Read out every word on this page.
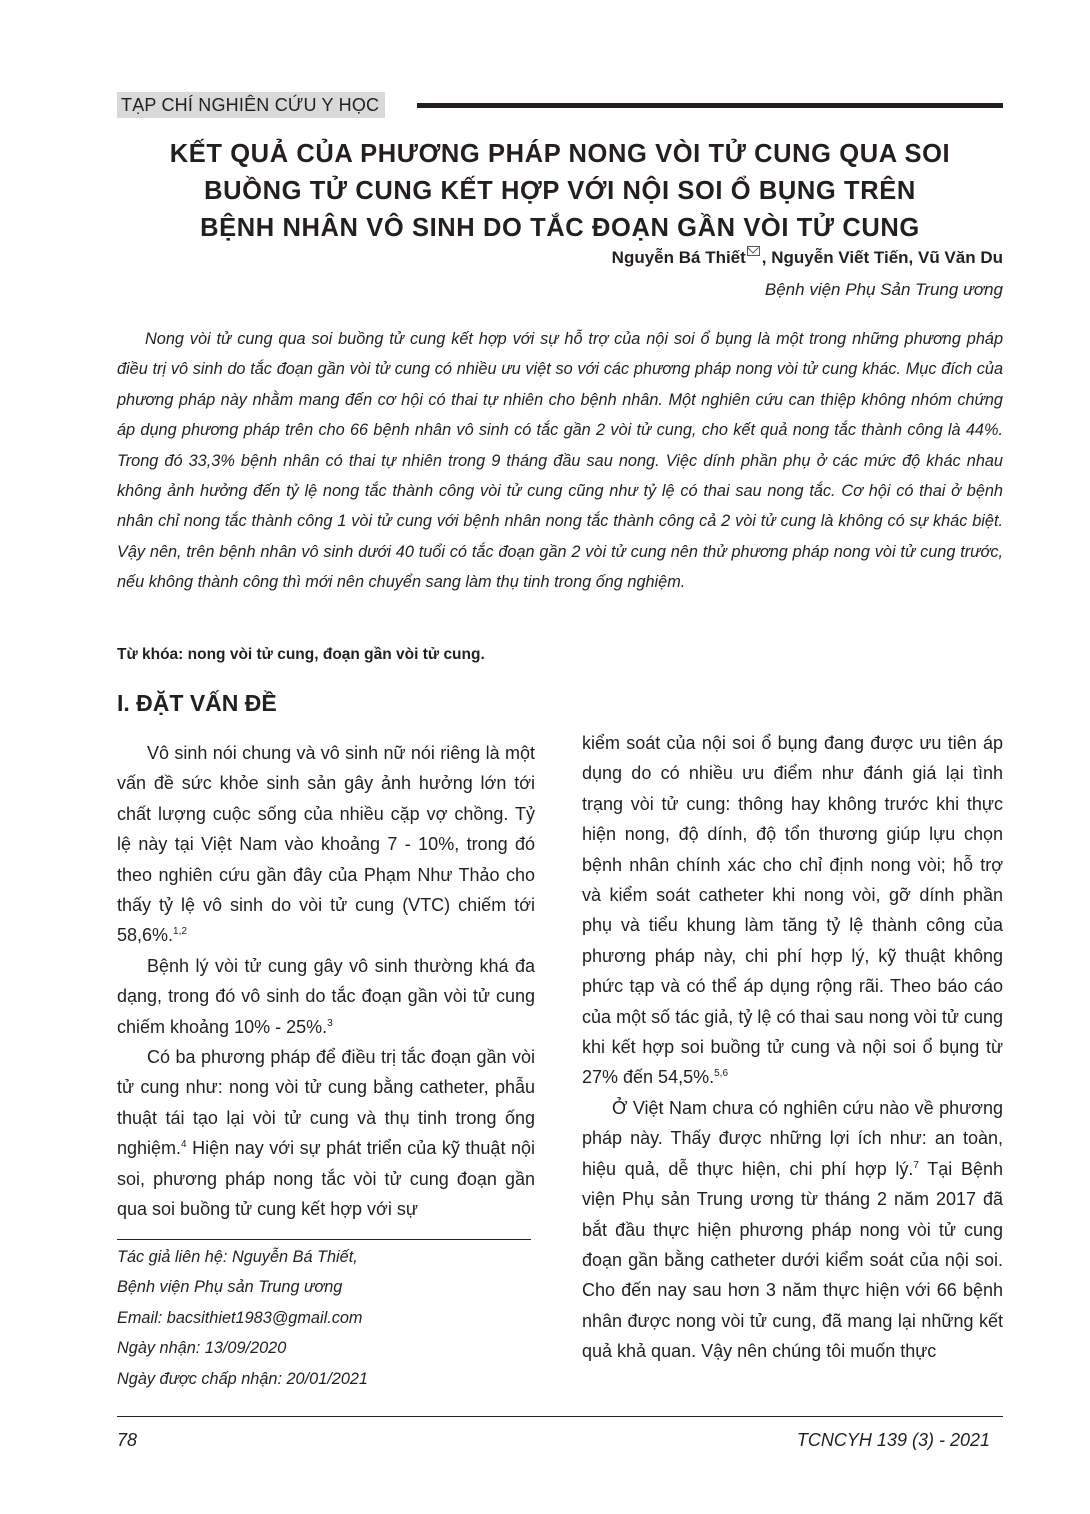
TẠP CHÍ NGHIÊN CỨU Y HỌC
KẾT QUẢ CỦA PHƯƠNG PHÁP NONG VÒI TỬ CUNG QUA SOI
BUỒNG TỬ CUNG KẾT HỢP VỚI NỘI SOI Ổ BỤNG TRÊN
BỆNH NHÂN VÔ SINH DO TẮC ĐOẠN GẦN VÒI TỬ CUNG
Nguyễn Bá Thiết , Nguyễn Viết Tiến, Vũ Văn Du
Bệnh viện Phụ Sản Trung ương

Nong vòi tử cung qua soi buồng tử cung kết hợp với sự hỗ trợ của nội soi ổ bụng là một trong những phương pháp điều trị vô sinh do tắc đoạn gần vòi tử cung có nhiều ưu việt so với các phương pháp nong vòi tử cung khác. Mục đích của phương pháp này nhằm mang đến cơ hội có thai tự nhiên cho bệnh nhân. Một nghiên cứu can thiệp không nhóm chứng áp dụng phương pháp trên cho 66 bệnh nhân vô sinh có tắc gần 2 vòi tử cung, cho kết quả nong tắc thành công là 44%. Trong đó 33,3% bệnh nhân có thai tự nhiên trong 9 tháng đầu sau nong. Việc dính phần phụ ở các mức độ khác nhau không ảnh hưởng đến tỷ lệ nong tắc thành công vòi tử cung cũng như tỷ lệ có thai sau nong tắc. Cơ hội có thai ở bệnh nhân chỉ nong tắc thành công 1 vòi tử cung với bệnh nhân nong tắc thành công cả 2 vòi tử cung là không có sự khác biệt. Vậy nên, trên bệnh nhân vô sinh dưới 40 tuổi có tắc đoạn gần 2 vòi tử cung nên thử phương pháp nong vòi tử cung trước, nếu không thành công thì mới nên chuyển sang làm thụ tinh trong ống nghiệm.

Từ khóa: nong vòi tử cung, đoạn gần vòi tử cung.
I. ĐẶT VẤN ĐỀ

Vô sinh nói chung và vô sinh nữ nói riêng là một vấn đề sức khỏe sinh sản gây ảnh hưởng lớn tới chất lượng cuộc sống của nhiều cặp vợ chồng. Tỷ lệ này tại Việt Nam vào khoảng 7 - 10%, trong đó theo nghiên cứu gần đây của Phạm Như Thảo cho thấy tỷ lệ vô sinh do vòi tử cung (VTC) chiếm tới 58,6%.$^{1,2}$

Bệnh lý vòi tử cung gây vô sinh thường khá đa dạng, trong đó vô sinh do tắc đoạn gần vòi tử cung chiếm khoảng 10% - 25%.$^3$

Có ba phương pháp để điều trị tắc đoạn gần vòi tử cung như: nong vòi tử cung bằng catheter, phẫu thuật tái tạo lại vòi tử cung và thụ tinh trong ống nghiệm.$^4$ Hiện nay với sự phát triển của kỹ thuật nội soi, phương pháp nong tắc vòi tử cung đoạn gần qua soi buồng tử cung kết hợp với sự

Tác giả liên hệ: Nguyễn Bá Thiết,
Bệnh viện Phụ sản Trung ương
Email: bacsithiet1983@gmail.com
Ngày nhận: 13/09/2020
Ngày được chấp nhận: 20/01/2021

kiểm soát của nội soi ổ bụng đang được ưu tiên áp dụng do có nhiều ưu điểm như đánh giá lại tình trạng vòi tử cung: thông hay không trước khi thực hiện nong, độ dính, độ tổn thương giúp lựu chọn bệnh nhân chính xác cho chỉ định nong vòi; hỗ trợ và kiểm soát catheter khi nong vòi, gỡ dính phần phụ và tiểu khung làm tăng tỷ lệ thành công của phương pháp này, chi phí hợp lý, kỹ thuật không phức tạp và có thể áp dụng rộng rãi. Theo báo cáo của một số tác giả, tỷ lệ có thai sau nong vòi tử cung khi kết hợp soi buồng tử cung và nội soi ổ bụng từ 27% đến 54,5%.$^{5,6}$

Ở Việt Nam chưa có nghiên cứu nào về phương pháp này. Thấy được những lợi ích như: an toàn, hiệu quả, dễ thực hiện, chi phí hợp lý.$^7$ Tại Bệnh viện Phụ sản Trung ương từ tháng 2 năm 2017 đã bắt đầu thực hiện phương pháp nong vòi tử cung đoạn gần bằng catheter dưới kiểm soát của nội soi. Cho đến nay sau hơn 3 năm thực hiện với 66 bệnh nhân được nong vòi tử cung, đã mang lại những kết quả khả quan. Vậy nên chúng tôi muốn thực

78	TCNCYH 139 (3) - 2021
